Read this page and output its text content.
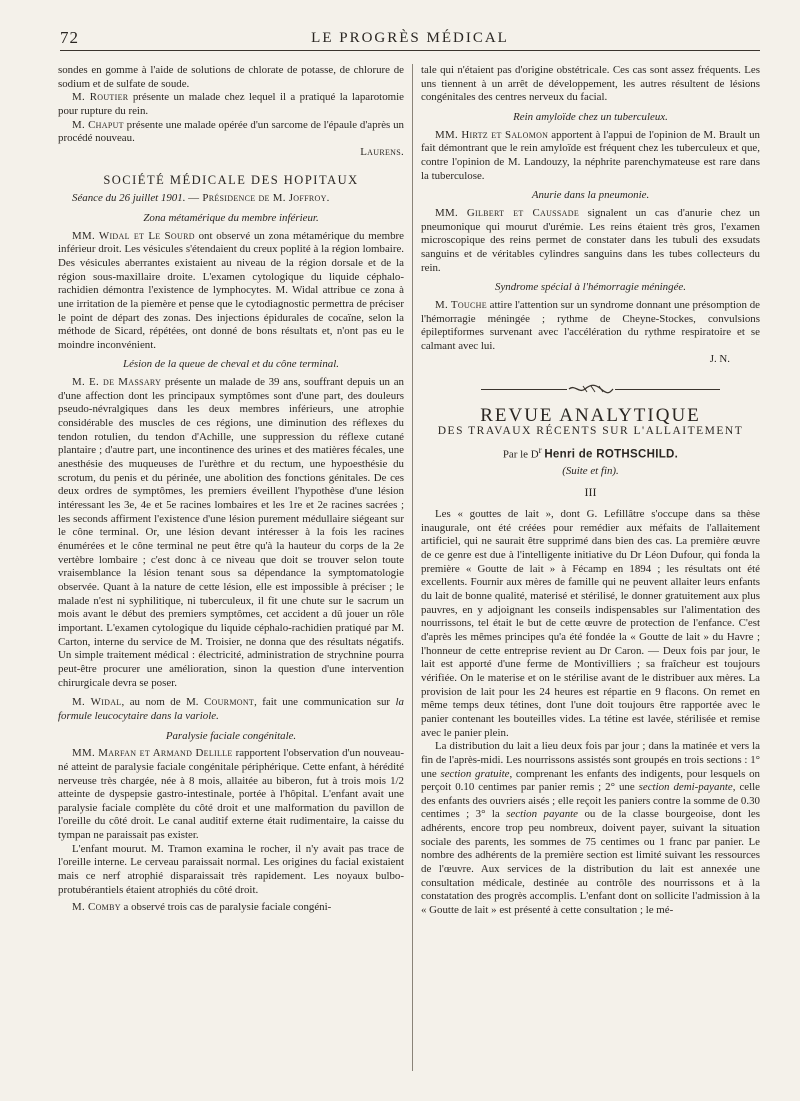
72	LE PROGRÈS MÉDICAL

sondes en gomme à l'aide de solutions de chlorate de potasse, de chlorure de sodium et de sulfate de soude.

M. Routier présente un malade chez lequel il a pratiqué la laparotomie pour rupture du rein.

M. Chaput présente une malade opérée d'un sarcome de l'épaule d'après un procédé nouveau.

Laurens.

SOCIÉTÉ MÉDICALE DES HOPITAUX

Séance du 26 juillet 1901. — Présidence de M. Joffroy.

Zona métamérique du membre inférieur.

MM. Widal et Le Sourd ont observé un zona métamérique du membre inférieur droit. Les vésicules s'étendaient du creux poplité à la région lombaire. Des vésicules aberrantes existaient au niveau de la région dorsale et de la région sous-maxillaire droite. L'examen cytologique du liquide céphalo-rachidien démontra l'existence de lymphocytes. M. Widal attribue ce zona à une irritation de la piemère et pense que le cytodiagnostic permettra de préciser le point de départ des zonas. Des injections épidurales de cocaïne, selon la méthode de Sicard, répétées, ont donné de bons résultats et, n'ont pas eu le moindre inconvénient.

Lésion de la queue de cheval et du cône terminal.

M. E. de Massary présente un malade de 39 ans, souffrant depuis un an d'une affection dont les principaux symptômes sont d'une part, des douleurs pseudo-névralgiques dans les deux membres inférieurs, une atrophie considérable des muscles de ces régions, une diminution des réflexes du tendon rotulien, du tendon d'Achille, une suppression du réflexe cutané plantaire ; d'autre part, une incontinence des urines et des matières fécales, une anesthésie des muqueuses de l'urèthre et du rectum, une hypoesthésie du scrotum, du penis et du périnée, une abolition des fonctions génitales. De ces deux ordres de symptômes, les premiers éveillent l'hypothèse d'une lésion intéressant les 3e, 4e et 5e racines lombaires et les 1re et 2e racines sacrées ; les seconds affirment l'existence d'une lésion purement médullaire siégeant sur le cône terminal. Or, une lésion devant intéresser à la fois les racines énumérées et le cône terminal ne peut être qu'à la hauteur du corps de la 2e vertèbre lombaire ; c'est donc à ce niveau que doit se trouver selon toute vraisemblance la lésion tenant sous sa dépendance la symptomatologie observée. Quant à la nature de cette lésion, elle est impossible à préciser ; le malade n'est ni syphilitique, ni tuberculeux, il fit une chute sur le sacrum un mois avant le début des premiers symptômes, cet accident a dû jouer un rôle important. L'examen cytologique du liquide céphalo-rachidien pratiqué par M. Carton, interne du service de M. Troisier, ne donna que des résultats négatifs. Un simple traitement médical : électricité, administration de strychnine pourra peut-être procurer une amélioration, sinon la question d'une intervention chirurgicale devra se poser.

M. Widal, au nom de M. Courmont, fait une communication sur la formule leucocytaire dans la variole.

Paralysie faciale congénitale.

MM. Marfan et Armand Delille rapportent l'observation d'un nouveau-né atteint de paralysie faciale congénitale périphérique. Cette enfant, à hérédité nerveuse très chargée, née à 8 mois, allaitée au biberon, fut à trois mois 1/2 atteinte de dyspepsie gastro-intestinale, portée à l'hôpital. L'enfant avait une paralysie faciale complète du côté droit et une malformation du pavillon de l'oreille du côté droit. Le canal auditif externe était rudimentaire, la caisse du tympan ne paraissait pas exister.

L'enfant mourut. M. Tramon examina le rocher, il n'y avait pas trace de l'oreille interne. Le cerveau paraissait normal. Les origines du facial existaient mais ce nerf atrophié disparaissait très rapidement. Les noyaux bulbo-protubérantiels étaient atrophiés du côté droit.

M. Comby a observé trois cas de paralysie faciale congéni-

tale qui n'étaient pas d'origine obstétricale. Ces cas sont assez fréquents. Les uns tiennent à un arrêt de développement, les autres résultent de lésions congénitales des centres nerveux du facial.

Rein amyloïde chez un tuberculeux.

MM. Hirtz et Salomon apportent à l'appui de l'opinion de M. Brault un fait démontrant que le rein amyloïde est fréquent chez les tuberculeux et que, contre l'opinion de M. Landouzy, la néphrite parenchymateuse est rare dans la tuberculose.

Anurie dans la pneumonie.

MM. Gilbert et Caussade signalent un cas d'anurie chez un pneumonique qui mourut d'urémie. Les reins étaient très gros, l'examen microscopique des reins permet de constater dans les tubuli des exsudats sanguins et de véritables cylindres sanguins dans les tubes collecteurs du rein.

Syndrome spécial à l'hémorragie méningée.

M. Touche attire l'attention sur un syndrome donnant une présomption de l'hémorragie méningée ; rythme de Cheyne-Stockes, convulsions épileptiformes survenant avec l'accélération du rythme respiratoire et se calmant avec lui.

J. N.

REVUE ANALYTIQUE
DES TRAVAUX RÉCENTS SUR L'ALLAITEMENT
Par le $D^r$ Henri de ROTHSCHILD.
(Suite et fin).
III

Les « gouttes de lait », dont G. Lefillâtre s'occupe dans sa thèse inaugurale, ont été créées pour remédier aux méfaits de l'allaitement artificiel, qui ne saurait être supprimé dans bien des cas. La première œuvre de ce genre est due à l'intelligente initiative du Dr Léon Dufour, qui fonda la première « Goutte de lait » à Fécamp en 1894 ; les résultats ont été excellents. Fournir aux mères de famille qui ne peuvent allaiter leurs enfants du lait de bonne qualité, materisé et stérilisé, le donner gratuitement aux plus pauvres, en y adjoignant les conseils indispensables sur l'alimentation des nourrissons, tel était le but de cette œuvre de protection de l'enfance. C'est d'après les mêmes principes qu'a été fondée la « Goutte de lait » du Havre ; l'honneur de cette entreprise revient au Dr Caron. — Deux fois par jour, le lait est apporté d'une ferme de Montivilliers ; sa fraîcheur est toujours vérifiée. On le materise et on le stérilise avant de le distribuer aux mères. La provision de lait pour les 24 heures est répartie en 9 flacons. On remet en même temps deux tétines, dont l'une doit toujours être rapportée avec le panier contenant les bouteilles vides. La tétine est lavée, stérilisée et remise avec le panier plein.

La distribution du lait a lieu deux fois par jour ; dans la matinée et vers la fin de l'après-midi. Les nourrissons assistés sont groupés en trois sections : 1° une section gratuite, comprenant les enfants des indigents, pour lesquels on perçoit 0.10 centimes par panier remis ; 2° une section demi-payante, celle des enfants des ouvriers aisés ; elle reçoit les paniers contre la somme de 0.30 centimes ; 3° la section payante ou de la classe bourgeoise, dont les adhérents, encore trop peu nombreux, doivent payer, suivant la situation sociale des parents, les sommes de 75 centimes ou 1 franc par panier. Le nombre des adhérents de la première section est limité suivant les ressources de l'œuvre. Aux services de la distribution du lait est annexée une consultation médicale, destinée au contrôle des nourrissons et à la constatation des progrès accomplis. L'enfant dont on sollicite l'admission à la « Goutte de lait » est présenté à cette consultation ; le mé-
